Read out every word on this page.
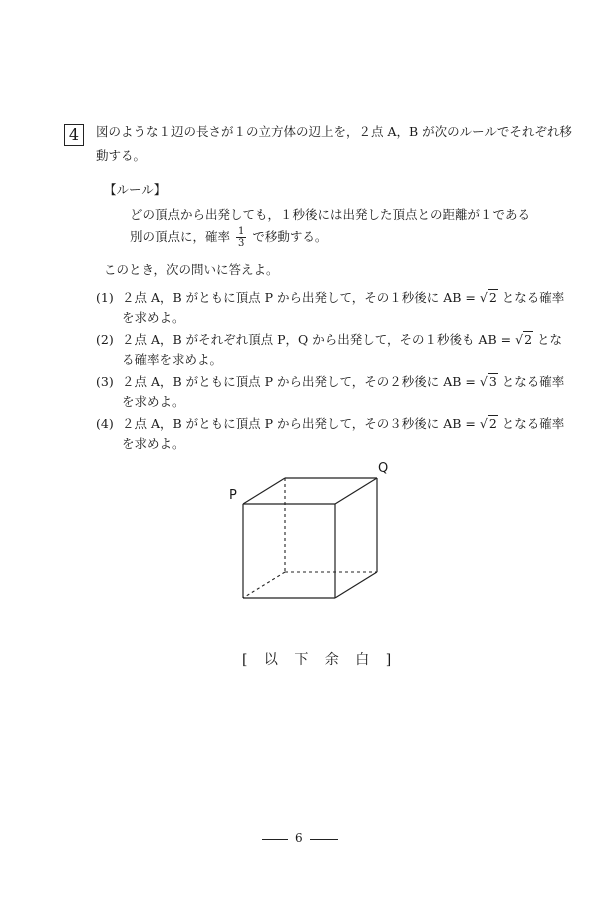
4	図のような１辺の長さが１の立方体の辺上を，２点 A，B が次のルールでそれぞれ移
動する。
【ルール】
どの頂点から出発しても，１秒後には出発した頂点との距離が１である
別の頂点に，確率 $\frac{1}{3}$ で移動する。
このとき，次の問いに答えよ。
(1) ２点 A，B がともに頂点 P から出発して，その１秒後に AB = √2 となる確率
を求めよ。
(2) ２点 A，B がそれぞれ頂点 P，Q から出発して，その１秒後も AB = √2 とな
る確率を求めよ。
(3) ２点 A，B がともに頂点 P から出発して，その２秒後に AB = √3 となる確率
を求めよ。
(4) ２点 A，B がともに頂点 P から出発して，その３秒後に AB = √2 となる確率
を求めよ。
P
Q
[ 以 下 余 白 ]
6
